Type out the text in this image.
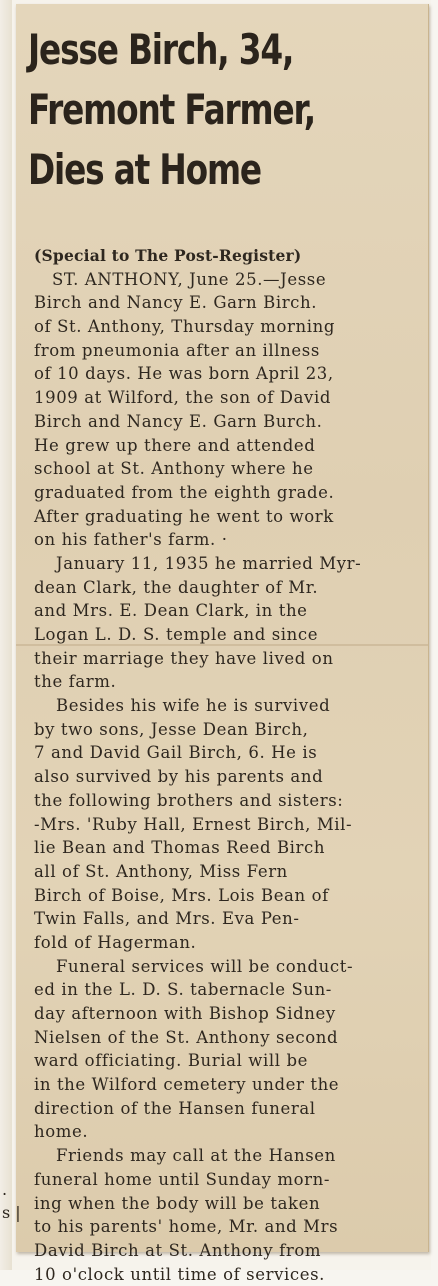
Jesse Birch, 34,
Fremont Farmer,
Dies at Home
(Special to The Post-Register)
ST. ANTHONY, June 25.—Jesse
Birch and Nancy E. Garn Birch.
of St. Anthony, Thursday morning
from pneumonia after an illness
of 10 days. He was born April 23,
1909 at Wilford, the son of David
Birch and Nancy E. Garn Burch.
He grew up there and attended
school at St. Anthony where he
graduated from the eighth grade.
After graduating he went to work
on his father's farm. ·
January 11, 1935 he married Myr-
dean Clark, the daughter of Mr.
and Mrs. E. Dean Clark, in the
Logan L. D. S. temple and since
their marriage they have lived on
the farm.
Besides his wife he is survived
by two sons, Jesse Dean Birch,
7 and David Gail Birch, 6. He is
also survived by his parents and
the following brothers and sisters:
-Mrs. 'Ruby Hall, Ernest Birch, Mil-
lie Bean and Thomas Reed Birch
all of St. Anthony, Miss Fern
Birch of Boise, Mrs. Lois Bean of
Twin Falls, and Mrs. Eva Pen-
fold of Hagerman.
Funeral services will be conduct-
ed in the L. D. S. tabernacle Sun-
day afternoon with Bishop Sidney
Nielsen of the St. Anthony second
ward officiating. Burial will be
in the Wilford cemetery under the
direction of the Hansen funeral
home.
Friends may call at the Hansen
funeral home until Sunday morn-
ing when the body will be taken
to his parents' home, Mr. and Mrs
David Birch at St. Anthony from
10 o'clock until time of services.
.
s |
